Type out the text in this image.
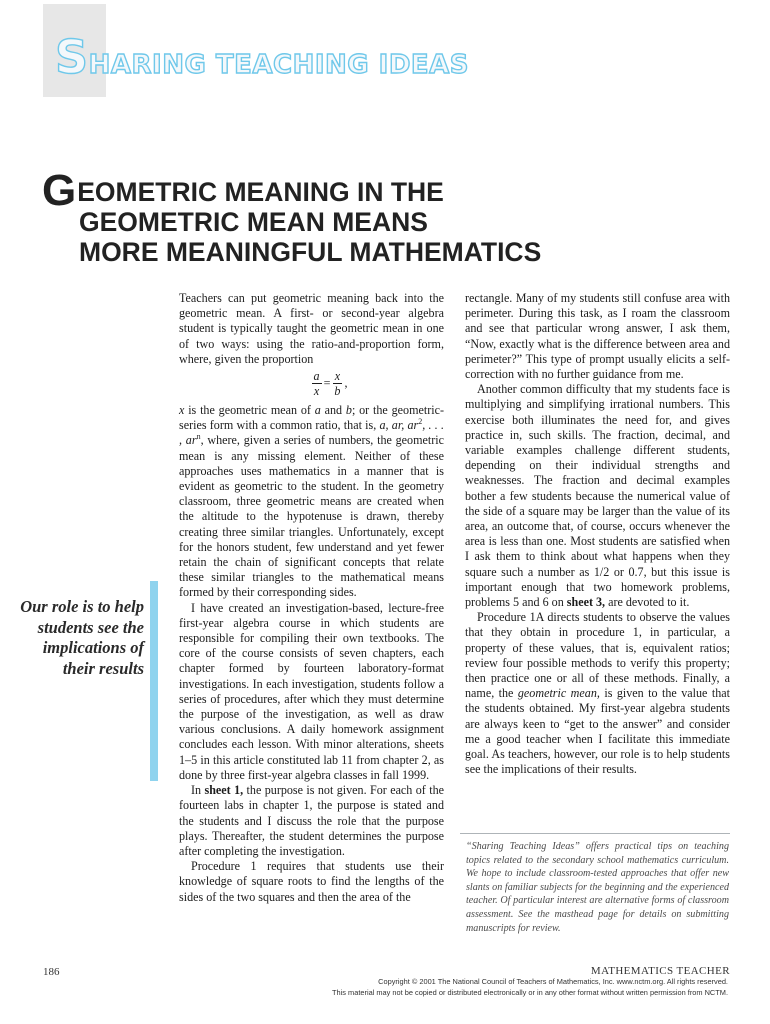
SHARING TEACHING IDEAS
GEOMETRIC MEANING IN THE
GEOMETRIC MEAN MEANS
MORE MEANINGFUL MATHEMATICS

Our role is to help students see the implications of their results

Teachers can put geometric meaning back into the geometric mean. A first- or second-year algebra student is typically taught the geometric mean in one of two ways: using the ratio-and-proportion form, where, given the proportion

$\frac{a}{x} = \frac{x}{b}$ ,

x is the geometric mean of a and b; or the geometric-series form with a common ratio, that is, a, ar, $ar^2$, . . . , $ar^n$, where, given a series of numbers, the geometric mean is any missing element. Neither of these approaches uses mathematics in a manner that is evident as geometric to the student. In the geometry classroom, three geometric means are created when the altitude to the hypotenuse is drawn, thereby creating three similar triangles. Unfortunately, except for the honors student, few understand and yet fewer retain the chain of significant concepts that relate these similar triangles to the mathematical means formed by their corresponding sides.

I have created an investigation-based, lecture-free first-year algebra course in which students are responsible for compiling their own textbooks. The core of the course consists of seven chapters, each chapter formed by fourteen laboratory-format investigations. In each investigation, students follow a series of procedures, after which they must determine the purpose of the investigation, as well as draw various conclusions. A daily homework assignment concludes each lesson. With minor alterations, sheets 1–5 in this article constituted lab 11 from chapter 2, as done by three first-year algebra classes in fall 1999.

In sheet 1, the purpose is not given. For each of the fourteen labs in chapter 1, the purpose is stated and the students and I discuss the role that the purpose plays. Thereafter, the student determines the purpose after completing the investigation.

Procedure 1 requires that students use their knowledge of square roots to find the lengths of the sides of the two squares and then the area of the

rectangle. Many of my students still confuse area with perimeter. During this task, as I roam the classroom and see that particular wrong answer, I ask them, “Now, exactly what is the difference between area and perimeter?” This type of prompt usually elicits a self-correction with no further guidance from me.

Another common difficulty that my students face is multiplying and simplifying irrational numbers. This exercise both illuminates the need for, and gives practice in, such skills. The fraction, decimal, and variable examples challenge different students, depending on their individual strengths and weaknesses. The fraction and decimal examples bother a few students because the numerical value of the side of a square may be larger than the value of its area, an outcome that, of course, occurs whenever the area is less than one. Most students are satisfied when I ask them to think about what happens when they square such a number as 1/2 or 0.7, but this issue is important enough that two homework problems, problems 5 and 6 on sheet 3, are devoted to it.

Procedure 1A directs students to observe the values that they obtain in procedure 1, in particular, a property of these values, that is, equivalent ratios; review four possible methods to verify this property; then practice one or all of these methods. Finally, a name, the geometric mean, is given to the value that the students obtained. My first-year algebra students are always keen to “get to the answer” and consider me a good teacher when I facilitate this immediate goal. As teachers, however, our role is to help students see the implications of their results.

“Sharing Teaching Ideas” offers practical tips on teaching topics related to the secondary school mathematics curriculum. We hope to include classroom-tested approaches that offer new slants on familiar subjects for the beginning and the experienced teacher. Of particular interest are alternative forms of classroom assessment. See the masthead page for details on submitting manuscripts for review.

186	MATHEMATICS TEACHER

Copyright © 2001 The National Council of Teachers of Mathematics, Inc. www.nctm.org. All rights reserved.
This material may not be copied or distributed electronically or in any other format without written permission from NCTM.
